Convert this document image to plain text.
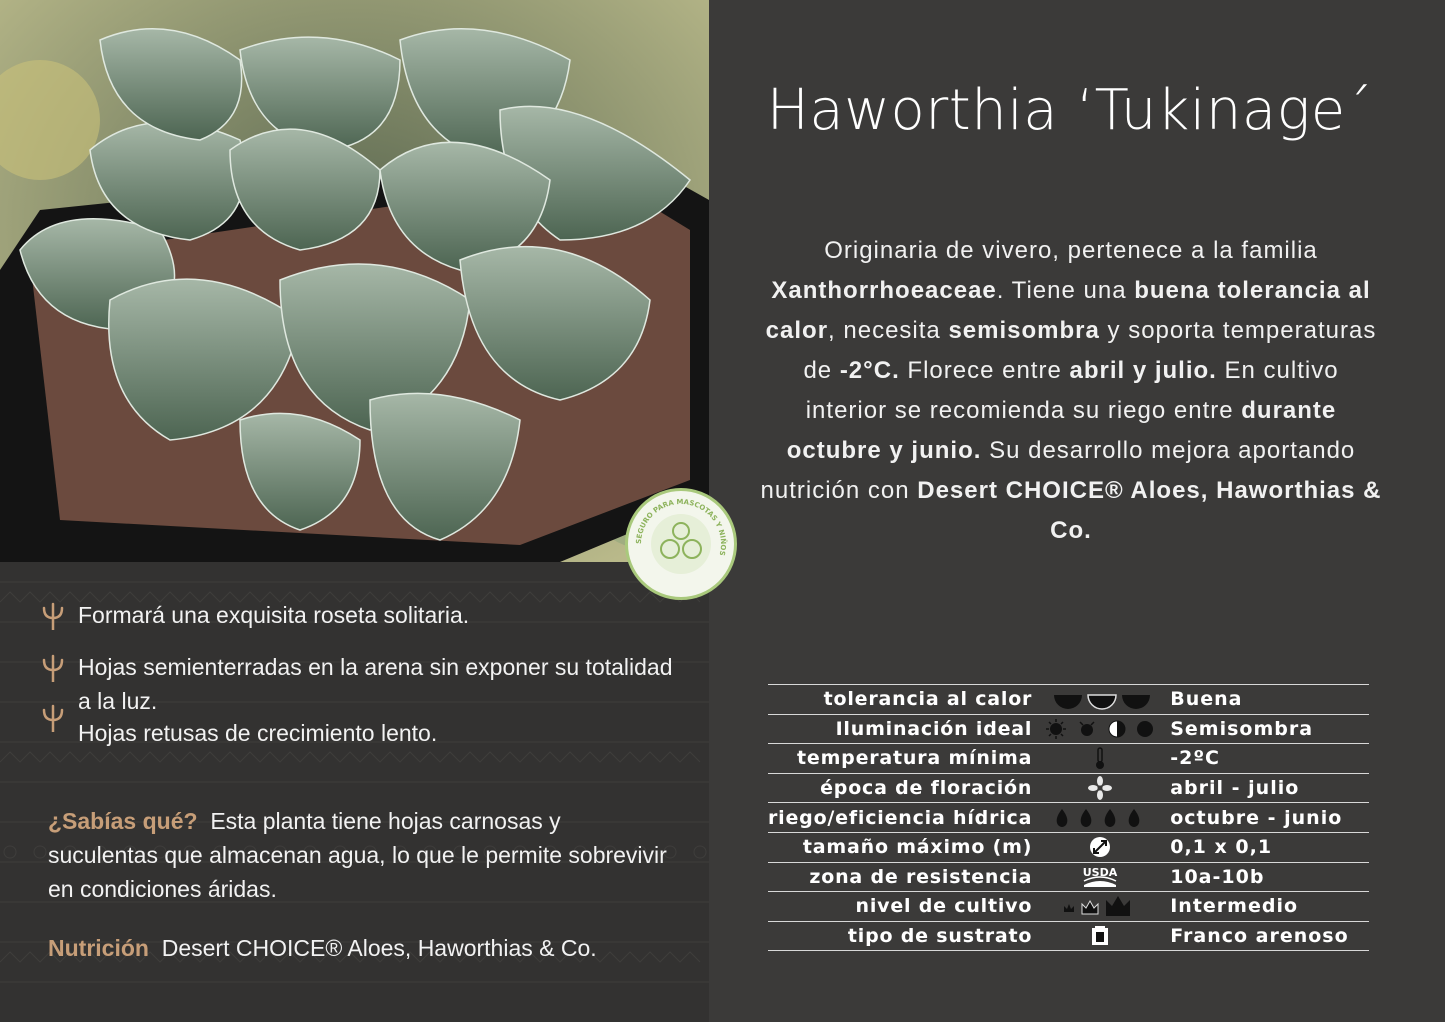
SEGURO PARA MASCOTAS Y NIÑOS
Formará una exquisita roseta solitaria.
Hojas semienterradas en la arena sin exponer su totalidad a la luz.
Hojas retusas de crecimiento lento.
¿Sabías qué? Esta planta tiene hojas carnosas y suculentas que almacenan agua, lo que le permite sobrevivir en condiciones áridas.
Nutrición Desert CHOICE® Aloes, Haworthias & Co.
Haworthia ‘Tukinage´
Originaria de vivero, pertenece a la familia Xanthorrhoeaceae. Tiene una buena tolerancia al calor, necesita semisombra y soporta temperaturas de -2°C. Florece entre abril y julio. En cultivo interior se recomienda su riego entre durante octubre y junio. Su desarrollo mejora aportando nutrición con Desert CHOICE® Aloes, Haworthias & Co.
tolerancia al calor		Buena
Iluminación ideal		Semisombra
temperatura mínima		-2ºC
época de floración		abril - julio
riego/eficiencia hídrica		octubre - junio
tamaño máximo (m)		0,1 x 0,1
zona de resistencia	USDA	10a-10b
nivel de cultivo		Intermedio
tipo de sustrato		Franco arenoso
